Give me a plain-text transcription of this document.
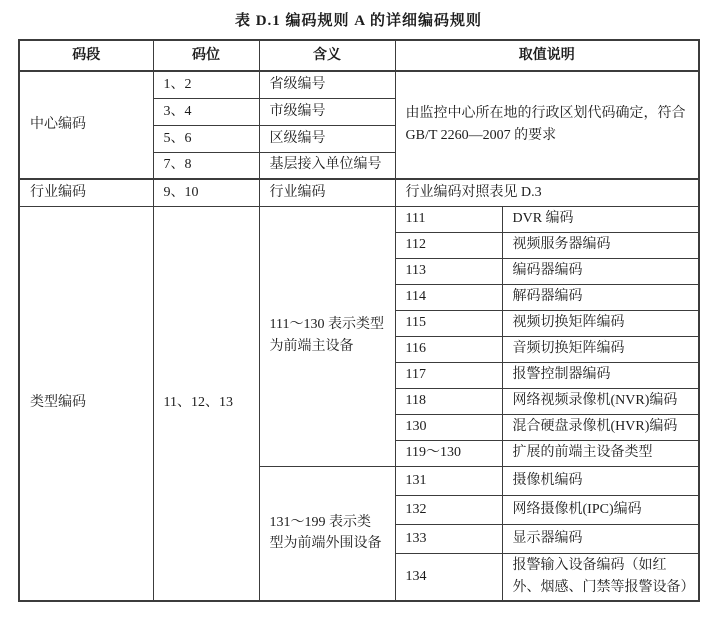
表 D.1 编码规则 A 的详细编码规则
码段	码位	含义	取值说明	
中心编码	1、2	省级编号	由监控中心所在地的行政区划代码确定，符合 GB/T 2260—2007 的要求	
	3、4	市级编号		
	5、6	区级编号		
	7、8	基层接入单位编号		
行业编码	9、10	行业编码	行业编码对照表见 D.3	
类型编码	11、12、13	111～130 表示类型为前端主设备	111	DVR 编码
			112	视频服务器编码
			113	编码器编码
			114	解码器编码
			115	视频切换矩阵编码
			116	音频切换矩阵编码
			117	报警控制器编码
			118	网络视频录像机(NVR)编码
			130	混合硬盘录像机(HVR)编码
			119～130	扩展的前端主设备类型
		131～199 表示类型为前端外围设备	131	摄像机编码
			132	网络摄像机(IPC)编码
			133	显示器编码
			134	报警输入设备编码（如红外、烟感、门禁等报警设备）
